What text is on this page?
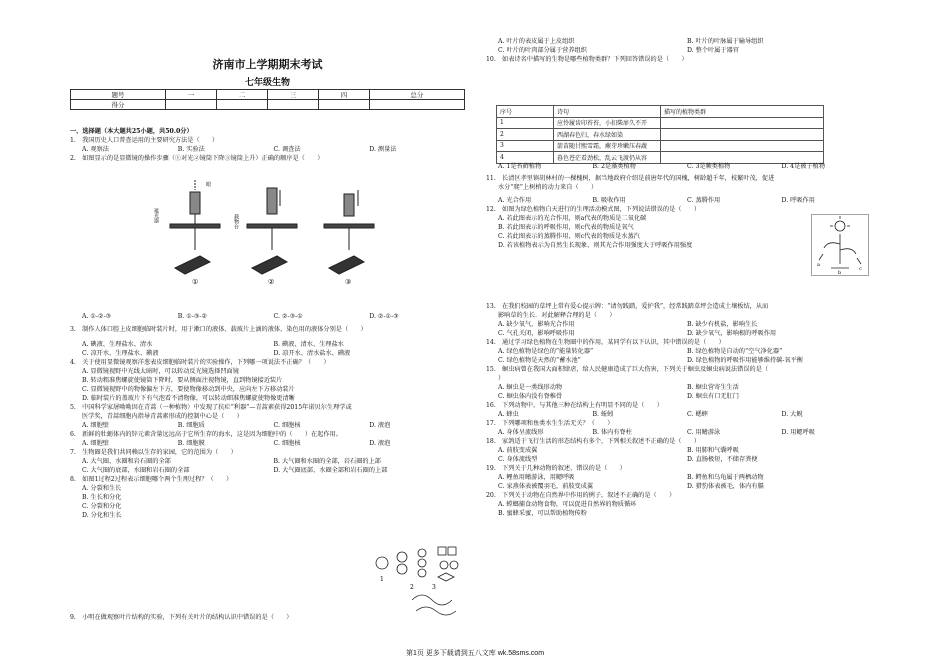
济南市上学期期末考试
七年级生物
题号	一	二	三	四	总分
得分					
一、选择题（本大题共25小题，共50.0分）
1.　我国历史人口普查运用的主要研究方法是（　　）
A. 观察法	B. 实验法	C. 调查法	D. 测量法
2.　如图显示的是显微镜的操作步骤（①对光②镜筒下降③镜筒上升）正确的顺序是（　　）
A. ①-②-③	B. ①-③-②	C. ②-③-①	D. ②-①-③
3.　制作人体口腔上皮细胞临时装片时，用于漱口的液体、载玻片上滴的液体、染色用的液体分别是（　　）
A. 碘液、生理盐水、清水	B. 碘液、清水、生理盐水
C. 凉开水、生理盐水、碘液	D. 凉开水、清水盐水、碘液
4.　关于使用显微镜观察洋葱表皮细胞临时装片的实验操作，下列哪一项说法不正确？（　　）
A. 显微镜视野中光线太暗时，可以转动反光镜选择凹面镜
B. 转动粗准焦螺旋使镜筒下降时，要从侧面注视物镜，直到物镜接近装片
C. 显微镜视野中的物像偏左下方，要使物像移动到中央，应向左下方移动装片
D. 临时装片的盖玻片下有气泡看不清物像，可以转动细准焦螺旋使物像更清晰
5.　中国科学家屠呦呦因在青蒿（一种植物）中发现了抗疟“利器”—青蒿素获得2015年诺贝尔生理学或
医学奖，青蒿细胞内指导青蒿素形成的控制中心是（　　）
A. 细胞壁	B. 细胞质	C. 细胞核	D. 液泡
6.　新鲜的牡蛎体内的锌元素含量远远高于它所生存的海水，这是因为细胞中的（　　）在起作用。
A. 细胞壁	B. 细胞膜	C. 细胞核	D. 液泡
7.　生物圈是我们共同赖以生存的家园，它的范围为（　　）
A. 大气圈、水圈和岩石圈的全部	B. 大气圈和水圈的全部，岩石圈的上部
C. 大气圈的底部，水圈和岩石圈的全部	D. 大气圈底部、水圈全部和岩石圈的上部
8.　如图1过程2过程表示细胞哪个两个生理过程？（　　）
A. 分裂和生长
B. 生长和分化
C. 分裂和分化
D. 分化和生长
9.　小明在做观察叶片结构的实验，下列有关叶片的结构认识中错误的是（　　）
眼
遮光器	载物台
①	②	③
1
2	3
A. 叶片的表皮属于上皮组织	B. 叶片的叶脉属于输导组织
C. 叶片的叶肉部分属于营养组织	D. 整个叶属于器官
10.　如表诗名中描写的生物是哪些植物类群？下列回答错误的是（　　）
序号	诗句	描写的植物类群
1	应怜履齿印苔苔，小扣柴扉久不开	
2	西湖春色归，春水绿如染	
3	箭苗随甘熙雪霜，蕨芽珍嫩压春蔬	
4	暮色苍茫看劲松，乱云飞渡仍从容	
A. 1是苔藓植物	B. 2是藻类植物	C. 3是蕨类植物	D. 4是被子植物
11.　长清区孝里镇胡林村的一棵槐树，据当地政府介绍是前唐年代的国槐，树龄超千年，枝繁叶茂，促进
水分“爬”上树梢的动力来自（　　）
A. 光合作用	B. 吸收作用	C. 蒸腾作用	D. 呼吸作用
12.　如图为绿色植物白天进行的生理活动模式图，下列说法错误的是（　　）
A. 若此图表示的光合作用，则a代表的物质是二氧化碳
B. 若此图表示的呼吸作用，则c代表的物质是氧气
C. 若此图表示的蒸腾作用，则c代表的物质是水蒸汽
D. 若该植物表示为自然生长现象，则其光合作用强度大于呼吸作用强度
13.　在我们校园的草坪上常有爱心提示牌：“请勿践踏，爱护我”，经常践踏草坪会造成土壤板结，从而
影响草的生长．对此解释合理的是（　　）
A. 缺少氧气，影响光合作用	B. 缺少有机盐，影响生长
C. 气孔关闭，影响呼吸作用	D. 缺少氧气，影响根的呼吸作用
14.　通过学习绿色植物在生物圈中的作用，某同学有以下认识，其中错误的是（　　）
A. 绿色植物是绿色的“能量转化器”	B. 绿色植物是自动的“空气净化器”
C. 绿色植物是天然的“蓄水池”	D. 绿色植物的呼吸作用能够维持碳-氧平衡
15.　蛔虫病曾在我国大面积肆虐，给人民健康造成了巨大伤害，下列关于蛔虫及蛔虫病说法错误的是（
）
A. 蛔虫是一类线形动物	B. 蛔虫营寄生生活
C. 蛔虫体内没有脊椎骨	D. 蛔虫有口无肛门
16.　下列动物中，与其他三种在结构上有明显不同的是（　　）
A. 蜂虫	B. 蚯蚓	C. 蟋蟀	D. 大鲵
17.　下列哪项和鱼类水生生活无关？（　　）
A. 身体呈流线形	B. 体内有脊柱	C. 用鳍游泳	D. 用鳃呼吸
18.　家鸽适于飞行生活的形态结构有多个，下列相关叙述不正确的是（　　）
A. 前肢变成翼	B. 用肺和气囊呼吸
C. 身体流线型	D. 直肠极短，不储存粪便
19.　下列关于几种动物的叙述，错误的是（　　）
A. 鲤鱼用鳍游泳，用鳃呼吸	B. 鳄鱼和乌龟属于两栖动物
C. 家燕体表被覆羽毛，前肢变成翼	D. 猎豹体表被毛，体内有膈
20.　下列关于动物在自然界中作用的例子，叙述不正确的是（　　）
A. 螳螂捕食动物食物，可以促进自然界的物质循环
B. 蜜蜂采蜜，可以帮助植物传粉
a
b
c
第1页 更多下载请到五八文库 wk.58sms.com
